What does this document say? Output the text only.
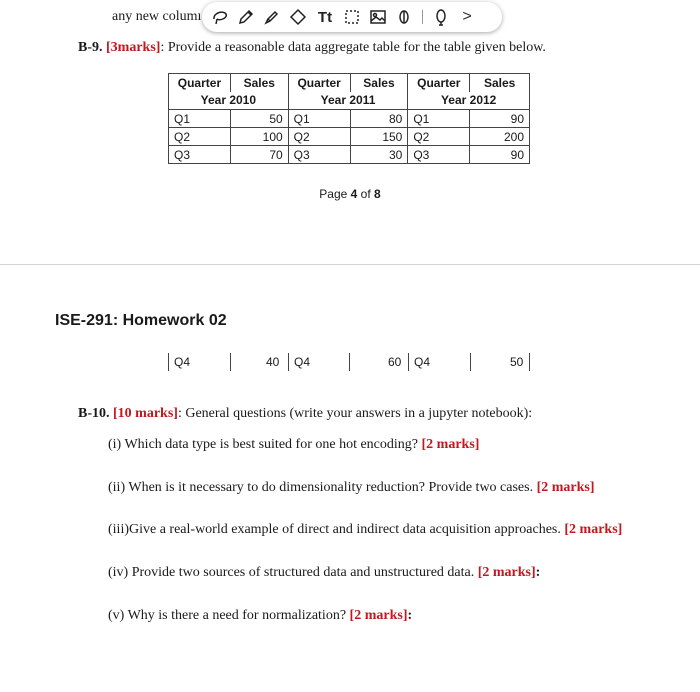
any new columı	Tt	>
B-9. [3marks]: Provide a reasonable data aggregate table for the table given below.
Quarter	Sales	Quarter	Sales	Quarter	Sales
Year 2010		Year 2011		Year 2012	
Q1	50	Q1	80	Q1	90
Q2	100	Q2	150	Q2	200
Q3	70	Q3	30	Q3	90
Page 4 of 8
ISE-291: Homework 02
Q4	40 Q4	60 Q4	50
B-10. [10 marks]: General questions (write your answers in a jupyter notebook):
(i) Which data type is best suited for one hot encoding? [2 marks]
(ii) When is it necessary to do dimensionality reduction? Provide two cases. [2 marks]
(iii)Give a real-world example of direct and indirect data acquisition approaches. [2 marks]
(iv) Provide two sources of structured data and unstructured data. [2 marks]:
(v) Why is there a need for normalization? [2 marks]:
